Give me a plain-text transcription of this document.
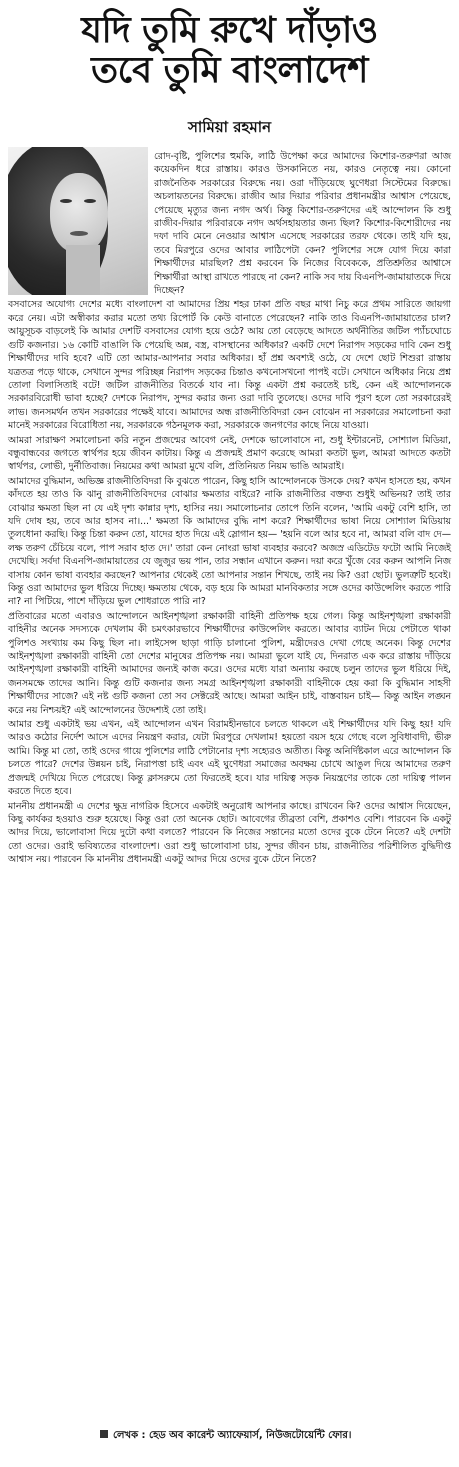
যদি তুমি রুখে দাঁড়াও
তবে তুমি বাংলাদেশ
সামিয়া রহমান

রোদ-বৃষ্টি, পুলিশের হুমকি, লাঠি উপেক্ষা করে আমাদের কিশোর-তরুণরা আজ কয়েকদিন ধরে রাস্তায়। কারও উসকানিতে নয়, কারও নেতৃত্বে নয়। কোনো রাজনৈতিক সরকারের বিরুদ্ধে নয়। ওরা দাঁড়িয়েছে ঘুণেধরা সিস্টেমের বিরুদ্ধে। অচলায়তনের বিরুদ্ধে। রাজীব আর দিয়ার পরিবার প্রধানমন্ত্রীর আশ্বাস পেয়েছে, পেয়েছে মৃত্যুর জন্য নগদ অর্থ। কিন্তু কিশোর-তরুণদের এই আন্দোলন কি শুধু রাজীব-দিয়ার পরিবারকে নগদ অর্থসহায়তার জন্য ছিল? কিশোর-কিশোরীদের নয় দফা দাবি মেনে নেওয়ার আশ্বাস এসেছে সরকারের তরফ থেকে। তাই যদি হয়, তবে মিরপুরে ওদের আবার লাঠিপেটা কেন? পুলিশের সঙ্গে যোগ দিয়ে কারা শিক্ষার্থীদের মারছিল? প্রশ্ন করবেন কি নিজের বিবেককে, প্রতিশ্রুতির আশ্বাসে শিক্ষার্থীরা আস্থা রাখতে পারছে না কেন? নাকি সব দায় বিএনপি-জামায়াতকে দিয়ে দিচ্ছেন?

বসবাসের অযোগ্য দেশের মধ্যে বাংলাদেশ বা আমাদের প্রিয় শহর ঢাকা প্রতি বছর মাথা নিচু করে প্রথম সারিতে জায়গা করে নেয়। এটা অস্বীকার করার মতো তথ্য রিপোর্ট কি কেউ বানাতে পেরেছেন? নাকি তাও বিএনপি-জামায়াতের চাল? আয়ুসূচক বাড়লেই কি আমার দেশটি বসবাসের যোগ্য হয়ে ওঠে? আয় তো বেড়েছে আদতে অর্থনীতির জটিল প্যাঁচঘোচে গুটি কজনার। ১৬ কোটি বাঙালি কি পেয়েছি অন্ন, বস্ত্র, বাসস্থানের অধিকার? একটি দেশে নিরাপদ সড়কের দাবি কেন শুধু শিক্ষার্থীদের দাবি হবে? এটি তো আমার-আপনার সবার অধিকার। হাঁ প্রশ্ন অবশ্যই ওঠে, যে দেশে ছোট শিশুরা রাস্তায় যত্রতত্র পড়ে থাকে, সেখানে সুন্দর পরিচ্ছন্ন নিরাপদ সড়কের চিন্তাও কখনোসখনো পাপই বটে। সেখানে অধিকার নিয়ে প্রশ্ন তোলা বিলাসিতাই বটে! জটিল রাজনীতির বিতর্কে যাব না। কিন্তু একটা প্রশ্ন করতেই চাই, কেন এই আন্দোলনকে সরকারবিরোধী ভাবা হচ্ছে? দেশকে নিরাপদ, সুন্দর করার জন্য ওরা দাবি তুলেছে। ওদের দাবি পূরণ হলে তো সরকারেরই লাভ। জনসমর্থন তখন সরকারের পক্ষেই যাবে। আমাদের অন্ধ রাজনীতিবিদরা কেন বোঝেন না সরকারের সমালোচনা করা মানেই সরকারের বিরোধিতা নয়, সরকারকে গঠনমূলক করা, সরকারকে জনগণের কাছে নিয়ে যাওয়া।

আমরা সারাক্ষণ সমালোচনা করি নতুন প্রজন্মের আবেগ নেই, দেশকে ভালোবাসে না, শুধু ইন্টারনেট, সোশ্যাল মিডিয়া, বন্ধুবান্ধবের জগতে স্বার্থপর হয়ে জীবন কাটায়। কিন্তু এ প্রজন্মই প্রমাণ করেছে আমরা কতটা ভুল, আমরা আদতে কতটা স্বার্থপর, লোভী, দুর্নীতিবাজ। নিয়মের কথা আমরা মুখে বলি, প্রতিনিয়ত নিয়ম ভাঙি আমরাই।

আমাদের বুদ্ধিমান, অভিজ্ঞ রাজনীতিবিদরা কি বুঝতে পারেন, কিছু হাসি আন্দোলনকে উসকে দেয়? কখন হাসতে হয়, কখন কাঁদতে হয় তাও কি ঝানু রাজনীতিবিদদের বোঝার ক্ষমতার বাইরে? নাকি রাজনীতির বক্তব্য শুধুই অভিনয়? তাই তার বোঝার ক্ষমতা ছিল না যে এই দৃশ্য কান্নার দৃশ্য, হাসির নয়। সমালোচনার তোপে তিনি বলেন, 'আমি একটু বেশি হাসি, তা যদি দোষ হয়, তবে আর হাসব না।...' ক্ষমতা কি আমাদের বুদ্ধি নাশ করে? শিক্ষার্থীদের ভাষা নিয়ে সোশ্যাল মিডিয়ায় তুলধোনা করছি। কিন্তু চিন্তা করুন তো, যাদের হাত দিয়ে এই স্লোগান হয়— 'হয়নি বলে আর হবে না, আমরা বলি বাদ দে—লক্ষ তরুণ চেঁচিয়ে বলে, পাপ সরাব হাত দে।' তারা কেন নোংরা ভাষা ব্যবহার করবে? অজস্র এডিটেড ফটো আমি নিজেই দেখেছি। সর্বদা বিএনপি-জামায়াতের যে জুজুর ভয় পান, তার সন্ধান এখানে করুন। দয়া করে খুঁজে বের করুন আপনি নিজ বাসায় কোন ভাষা ব্যবহার করছেন? আপনার থেকেই তো আপনার সন্তান শিখছে, তাই নয় কি? ওরা ছোট। ভুলত্রুটি হবেই। কিন্তু ওরা আমাদের ভুল ধরিয়ে দিচ্ছে। ক্ষমতায় থেকে, বড় হয়ে কি আমরা মানবিকতার সঙ্গে ওদের কাউন্সেলিং করতে পারি না? না পিটিয়ে, পাশে দাঁড়িয়ে ভুল শোধরাতে পারি না?

প্রতিবারের মতো এবারও আন্দোলনে আইনশৃঙ্খলা রক্ষাকারী বাহিনী প্রতিপক্ষ হয়ে গেল। কিন্তু আইনশৃঙ্খলা রক্ষাকারী বাহিনীর অনেক সদস্যকে দেখলাম কী চমৎকারভাবে শিক্ষার্থীদের কাউন্সেলিং করতে। আবার ব্যাটন দিয়ে পেটাতে থাকা পুলিশও সংখ্যায় কম কিছু ছিল না। লাইসেন্স ছাড়া গাড়ি চালানো পুলিশ, মন্ত্রীদেরও দেখা গেছে অনেক। কিন্তু দেশের আইনশৃঙ্খলা রক্ষাকারী বাহিনী তো দেশের মানুষের প্রতিপক্ষ নয়। আমরা ভুলে যাই যে, দিনরাত এক করে রাস্তায় দাঁড়িয়ে আইনশৃঙ্খলা রক্ষাকারী বাহিনী আমাদের জন্যই কাজ করে। ওদের মধ্যে যারা অন্যায় করছে চলুন তাদের ভুল ধরিয়ে দিই, জনসমক্ষে তাদের আনি। কিন্তু গুটি কজনার জন্য সমগ্র আইনশৃঙ্খলা রক্ষাকারী বাহিনীকে হেয় করা কি বুদ্ধিমান সাহসী শিক্ষার্থীদের সাজে? এই নষ্ট গুটি কজনা তো সব সেক্টরেই আছে। আমরা আইন চাই, বাস্তবায়ন চাই— কিন্তু আইন লঙ্ঘন করে নয় নিশ্চয়ই? এই আন্দোলনের উদ্দেশ্যই তো তাই।

আমার শুধু একটাই ভয় এখন, এই আন্দোলন এখন বিরামহীনভাবে চলতে থাকলে এই শিক্ষার্থীদের যদি কিছু হয়! যদি আরও কঠোর নির্দেশ আসে এদের নিয়ন্ত্রণ করার, যেটা মিরপুরে দেখলাম! হয়তো বয়স হয়ে গেছে বলে সুবিধাবাদী, ভীরু আমি। কিন্তু মা তো, তাই ওদের গায়ে পুলিশের লাঠি পেটানোর দৃশ্য সহ্যেরও অতীত। কিন্তু অনির্দিষ্টকাল এরে আন্দোলন কি চলতে পারে? দেশের উন্নয়ন চাই, নিরাপত্তা চাই এবং এই ঘুণেধরা সমাজের অবক্ষয় চোখে আঙুল দিয়ে আমাদের তরুণ প্রজন্মই দেখিয়ে দিতে পেরেছে। কিন্তু ক্লাসরুমে তো ফিরতেই হবে। যার দায়িত্ব সড়ক নিয়ন্ত্রণের তাকে তো দায়িত্ব পালন করতে দিতে হবে।

মাননীয় প্রধানমন্ত্রী এ দেশের ক্ষুদ্র নাগরিক হিসেবে একটাই অনুরোধ আপনার কাছে। রাখবেন কি? ওদের আশ্বাস দিয়েছেন, কিছু কার্যকর হওয়াও শুরু হয়েছে। কিন্তু ওরা তো অনেক ছোট। আবেগের তীব্রতা বেশি, প্রকাশও বেশি। পারবেন কি একটু আদর দিয়ে, ভালোবাসা দিয়ে দুটো কথা বলতে? পারবেন কি নিজের সন্তানের মতো ওদের বুকে টেনে নিতে? এই দেশটা তো ওদের। ওরাই ভবিষ্যতের বাংলাদেশ। ওরা শুধু ভালোবাসা চায়, সুন্দর জীবন চায়, রাজনীতির পরিশীলিত বুদ্ধিদীপ্ত আশ্বাস নয়। পারবেন কি মাননীয় প্রধানমন্ত্রী একটু আদর দিয়ে ওদের বুকে টেনে নিতে?

লেখক : হেড অব কারেন্ট অ্যাফেয়ার্স, নিউজটোয়েন্টি ফোর।
